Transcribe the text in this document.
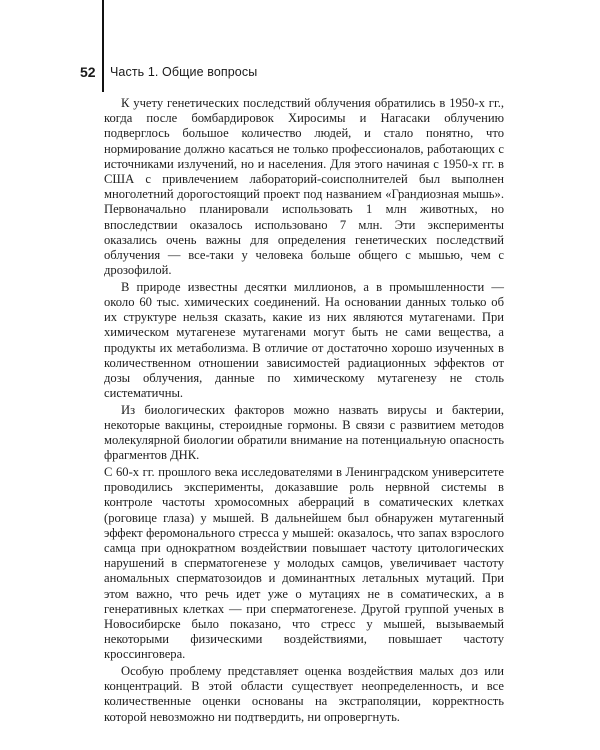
52	Часть 1. Общие вопросы

К учету генетических последствий облучения обратились в 1950-х гг., когда после бомбардировок Хиросимы и Нагасаки облучению подверглось большое количество людей, и стало понятно, что нормирование должно касаться не только профессионалов, работающих с источниками излучений, но и населения. Для этого начиная с 1950-х гг. в США с привлечением лабораторий-соисполнителей был выполнен многолетний дорогостоящий проект под названием «Грандиозная мышь». Первоначально планировали использовать 1 млн животных, но впоследствии оказалось использовано 7 млн. Эти эксперименты оказались очень важны для определения генетических последствий облучения — все-таки у человека больше общего с мышью, чем с дрозофилой.

В природе известны десятки миллионов, а в промышленности — около 60 тыс. химических соединений. На основании данных только об их структуре нельзя сказать, какие из них являются мутагенами. При химическом мутагенезе мутагенами могут быть не сами вещества, а продукты их метаболизма. В отличие от достаточно хорошо изученных в количественном отношении зависимостей радиационных эффектов от дозы облучения, данные по химическому мутагенезу не столь систематичны.

Из биологических факторов можно назвать вирусы и бактерии, некоторые вакцины, стероидные гормоны. В связи с развитием методов молекулярной биологии обратили внимание на потенциальную опасность фрагментов ДНК.

С 60-х гг. прошлого века исследователями в Ленинградском университете проводились эксперименты, доказавшие роль нервной системы в контроле частоты хромосомных аберраций в соматических клетках (роговице глаза) у мышей. В дальнейшем был обнаружен мутагенный эффект феромонального стресса у мышей: оказалось, что запах взрослого самца при однократном воздействии повышает частоту цитологических нарушений в сперматогенезе у молодых самцов, увеличивает частоту аномальных сперматозоидов и доминантных летальных мутаций. При этом важно, что речь идет уже о мутациях не в соматических, а в генеративных клетках — при сперматогенезе. Другой группой ученых в Новосибирске было показано, что стресс у мышей, вызываемый некоторыми физическими воздействиями, повышает частоту кроссинговера.

Особую проблему представляет оценка воздействия малых доз или концентраций. В этой области существует неопределенность, и все количественные оценки основаны на экстраполяции, корректность которой невозможно ни подтвердить, ни опровергнуть.
